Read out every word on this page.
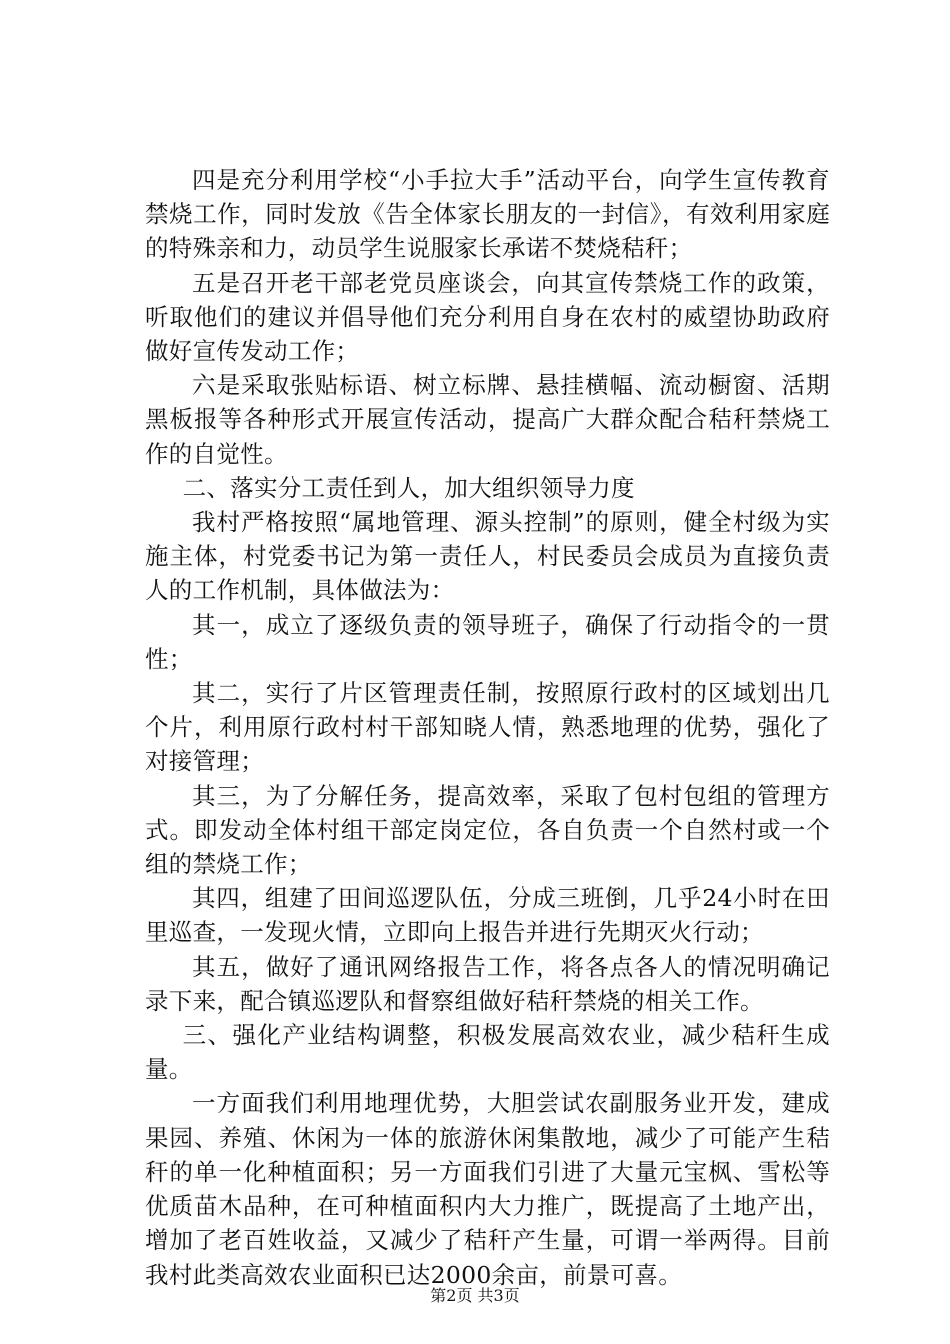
四是充分利用学校“小手拉大手”活动平台，向学生宣传教育禁烧工作，同时发放《告全体家长朋友的一封信》，有效利用家庭的特殊亲和力，动员学生说服家长承诺不焚烧秸秆；

五是召开老干部老党员座谈会，向其宣传禁烧工作的政策，听取他们的建议并倡导他们充分利用自身在农村的威望协助政府做好宣传发动工作；

六是采取张贴标语、树立标牌、悬挂横幅、流动橱窗、活期黑板报等各种形式开展宣传活动，提高广大群众配合秸秆禁烧工作的自觉性。

二、落实分工责任到人，加大组织领导力度

我村严格按照“属地管理、源头控制”的原则，健全村级为实施主体，村党委书记为第一责任人，村民委员会成员为直接负责人的工作机制，具体做法为：

其一，成立了逐级负责的领导班子，确保了行动指令的一贯性；

其二，实行了片区管理责任制，按照原行政村的区域划出几个片，利用原行政村村干部知晓人情，熟悉地理的优势，强化了对接管理；

其三，为了分解任务，提高效率，采取了包村包组的管理方式。即发动全体村组干部定岗定位，各自负责一个自然村或一个组的禁烧工作；

其四，组建了田间巡逻队伍，分成三班倒，几乎24小时在田里巡查，一发现火情，立即向上报告并进行先期灭火行动；

其五，做好了通讯网络报告工作，将各点各人的情况明确记录下来，配合镇巡逻队和督察组做好秸秆禁烧的相关工作。

三、强化产业结构调整，积极发展高效农业，减少秸秆生成量。

一方面我们利用地理优势，大胆尝试农副服务业开发，建成果园、养殖、休闲为一体的旅游休闲集散地，减少了可能产生秸秆的单一化种植面积；另一方面我们引进了大量元宝枫、雪松等优质苗木品种，在可种植面积内大力推广，既提高了土地产出，增加了老百姓收益，又减少了秸秆产生量，可谓一举两得。目前我村此类高效农业面积已达2000余亩，前景可喜。

第2页 共3页
